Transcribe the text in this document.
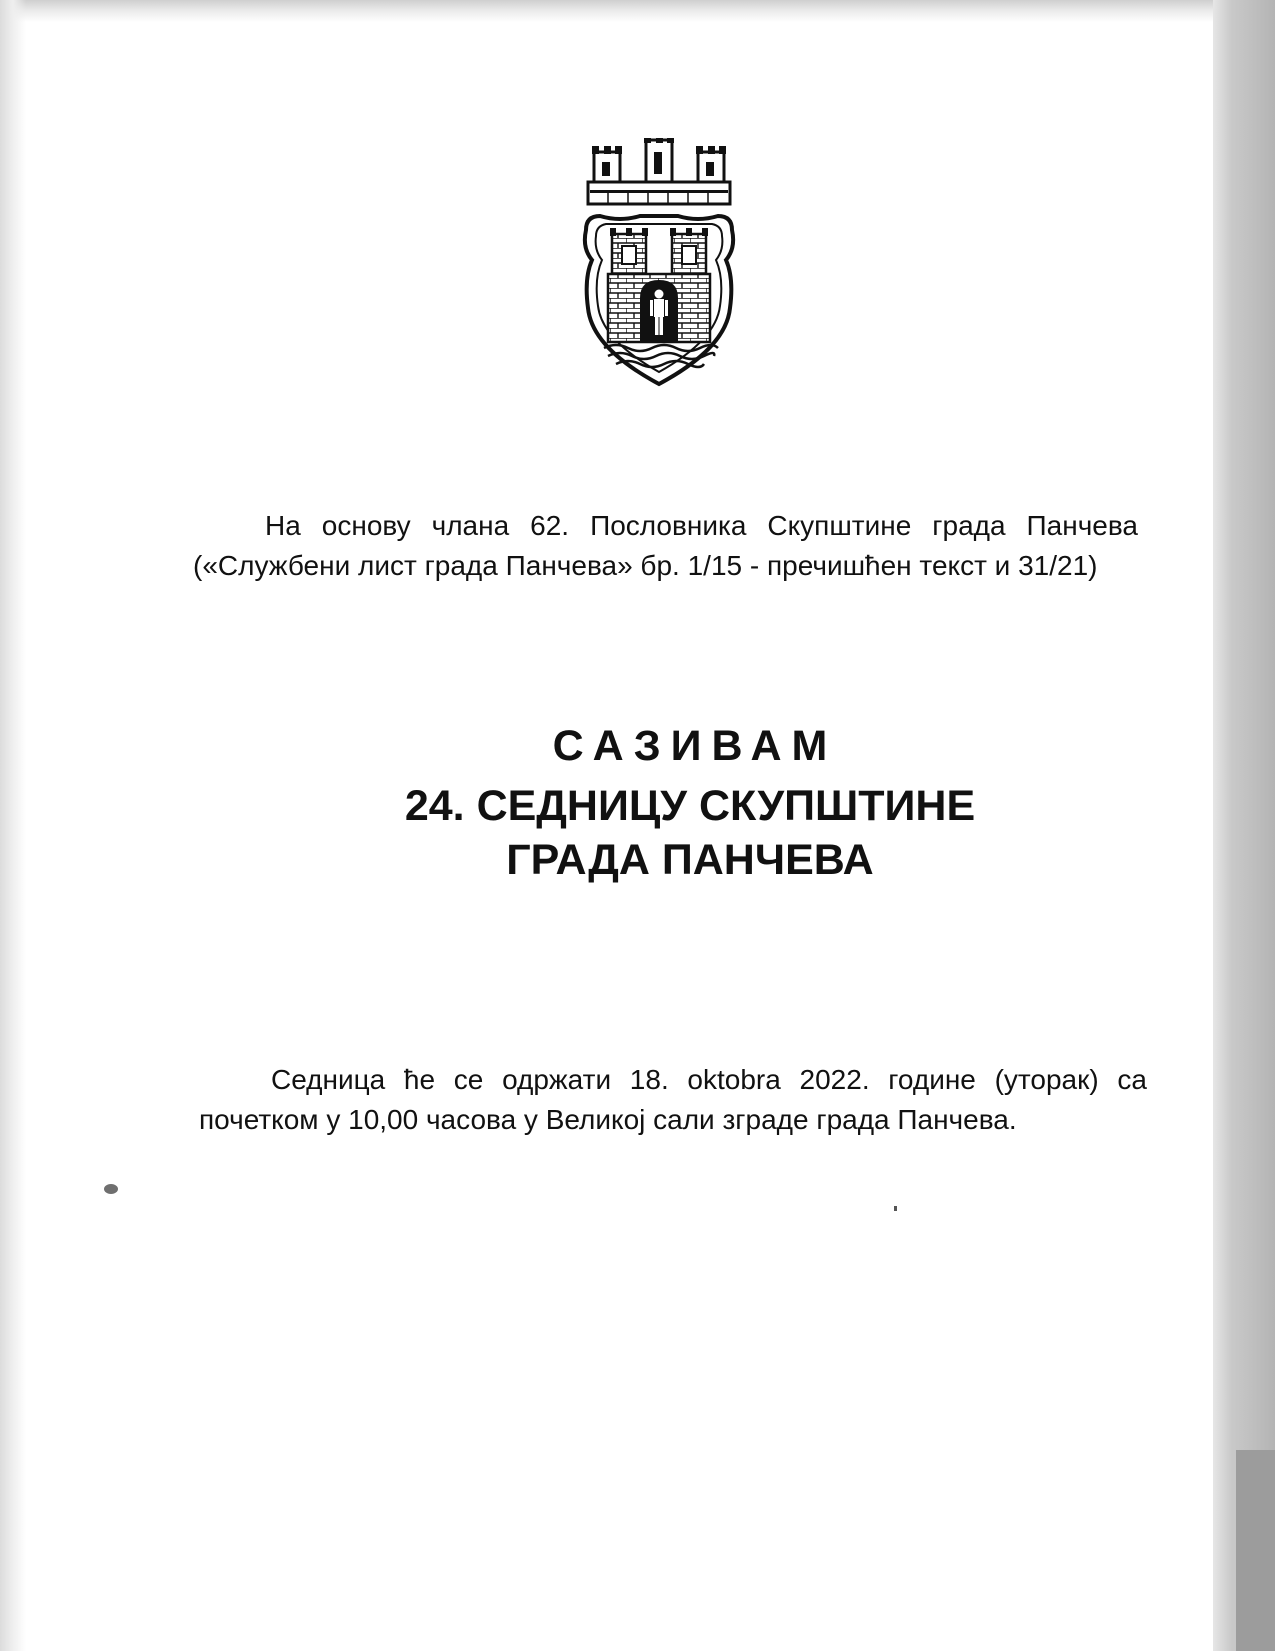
На основу члана 62. Пословника Скупштине града Панчева («Службени лист града Панчева» бр. 1/15 - пречишћен текст и 31/21)
САЗИВАМ
24. СЕДНИЦУ СКУПШТИНЕ
ГРАДА ПАНЧЕВА
Седница ће се одржати 18. oktobra 2022. године (уторак) са почетком у 10,00 часова у Великој сали зграде града Панчева.
